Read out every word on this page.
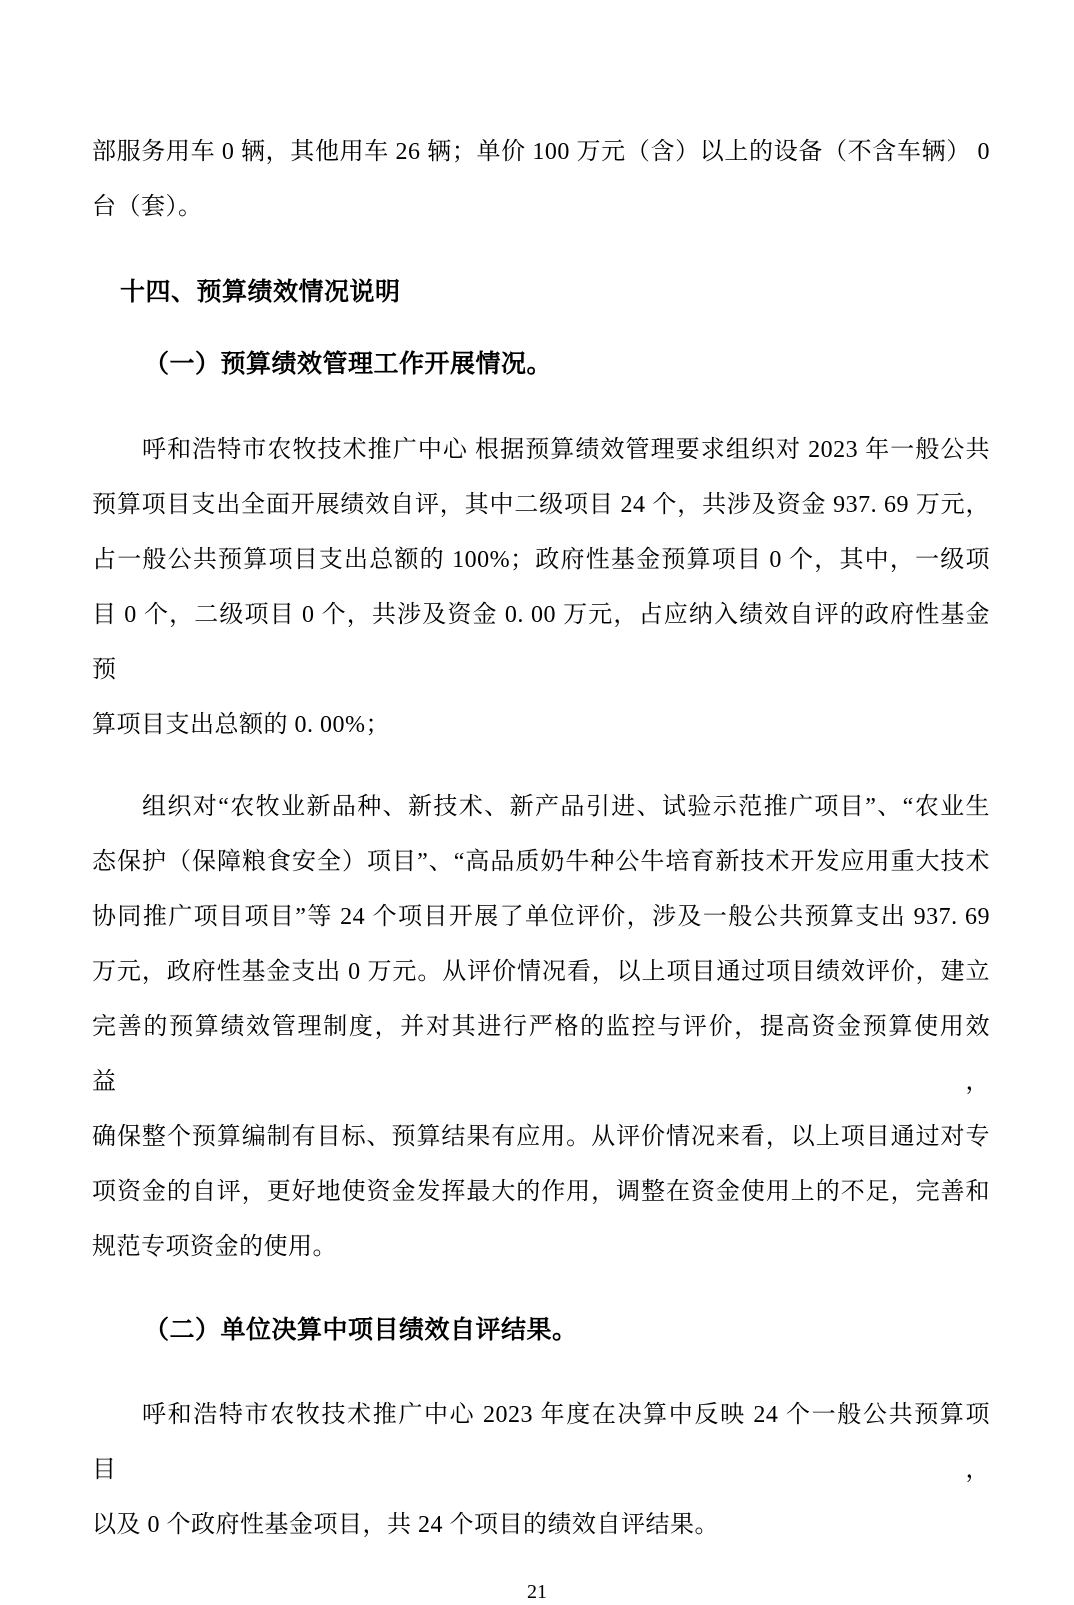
部服务用车 0 辆，其他用车 26 辆；单价 100 万元（含）以上的设备（不含车辆） 0
台（套）。
十四、预算绩效情况说明
（一）预算绩效管理工作开展情况。
呼和浩特市农牧技术推广中心 根据预算绩效管理要求组织对 2023 年一般公共
预算项目支出全面开展绩效自评，其中二级项目 24 个，共涉及资金 937. 69 万元，
占一般公共预算项目支出总额的 100%；政府性基金预算项目 0 个，其中，一级项
目 0 个，二级项目 0 个，共涉及资金 0. 00 万元，占应纳入绩效自评的政府性基金预
算项目支出总额的 0. 00%；
组织对“农牧业新品种、新技术、新产品引进、试验示范推广项目”、“农业生
态保护（保障粮食安全）项目”、“高品质奶牛种公牛培育新技术开发应用重大技术
协同推广项目项目”等 24 个项目开展了单位评价，涉及一般公共预算支出 937. 69
万元，政府性基金支出 0 万元。从评价情况看，以上项目通过项目绩效评价，建立
完善的预算绩效管理制度，并对其进行严格的监控与评价，提高资金预算使用效益，
确保整个预算编制有目标、预算结果有应用。从评价情况来看，以上项目通过对专
项资金的自评，更好地使资金发挥最大的作用，调整在资金使用上的不足，完善和
规范专项资金的使用。
（二）单位决算中项目绩效自评结果。
呼和浩特市农牧技术推广中心 2023 年度在决算中反映 24 个一般公共预算项目，
以及 0 个政府性基金项目，共 24 个项目的绩效自评结果。
21
